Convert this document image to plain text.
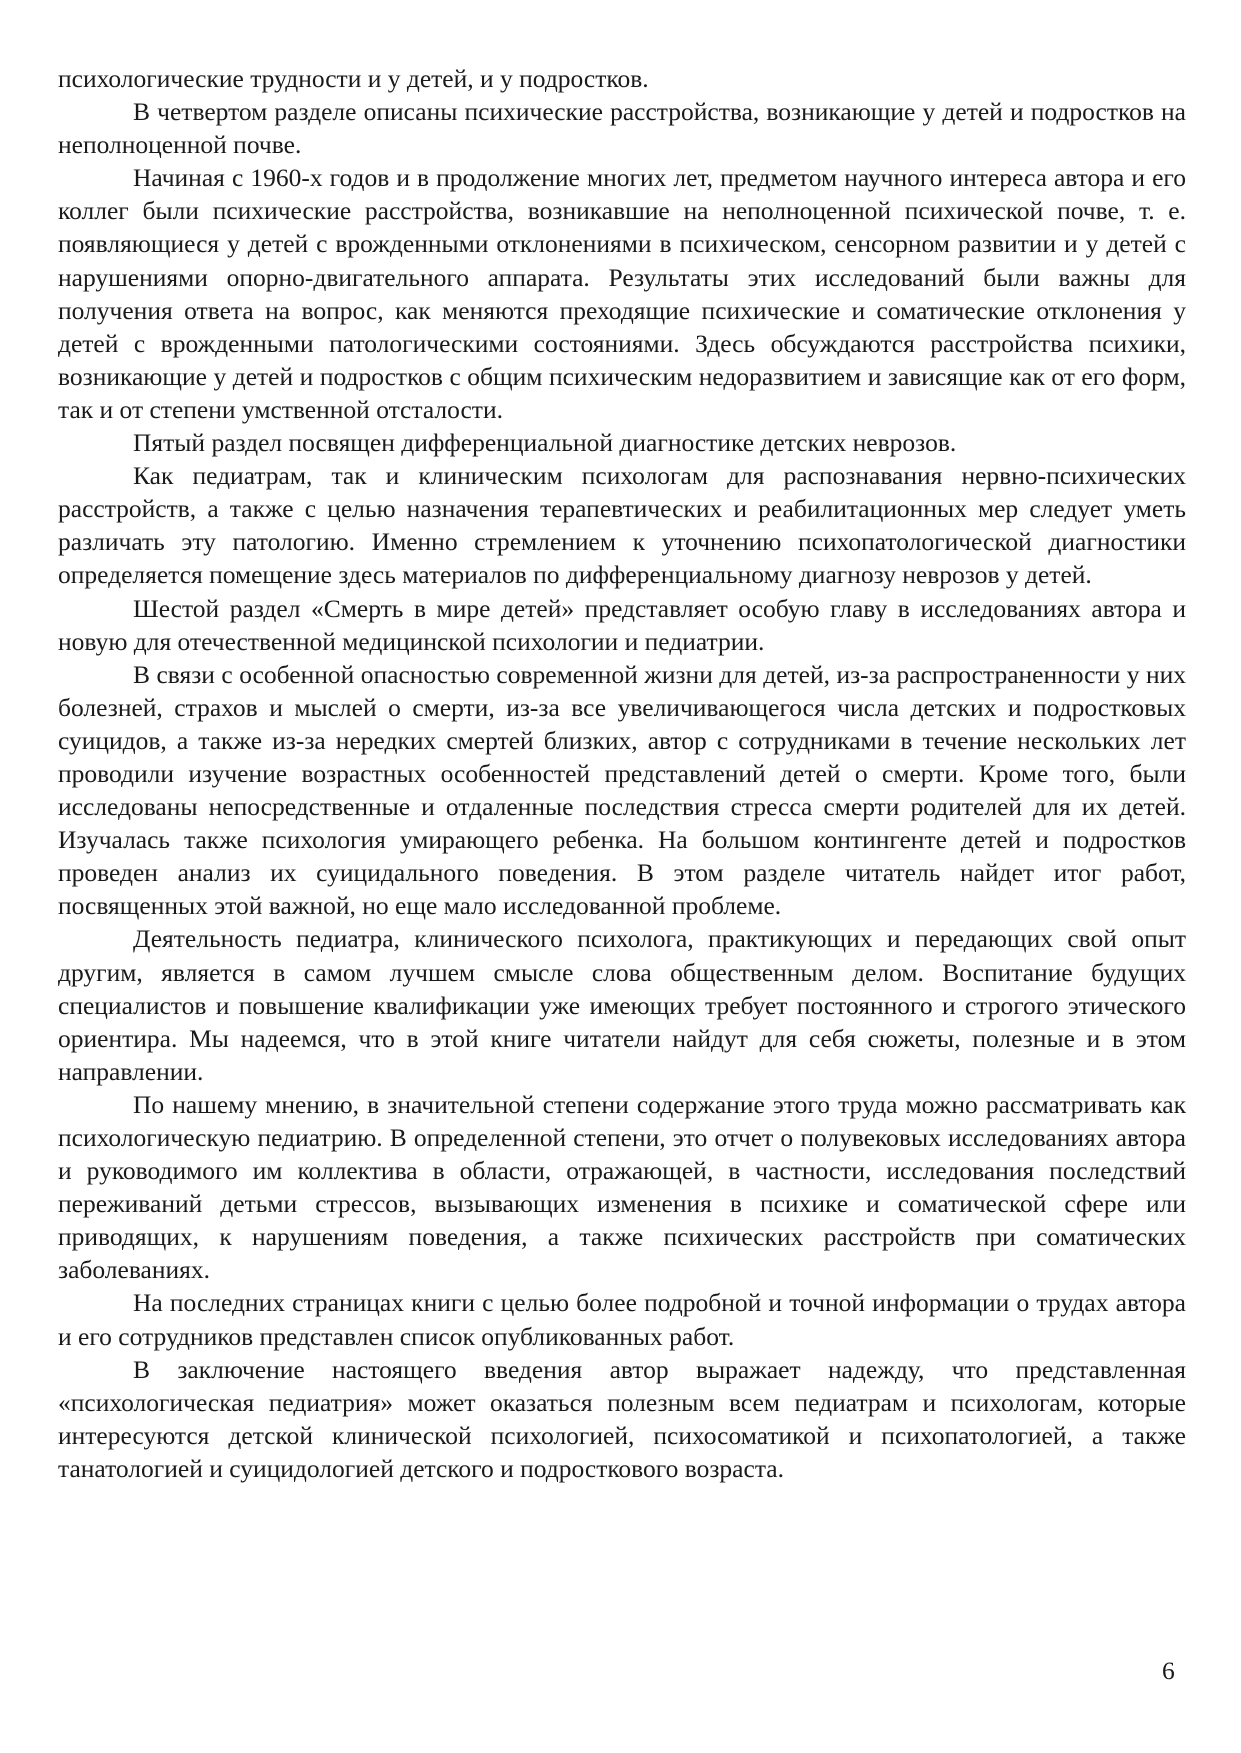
психологические трудности и у детей, и у подростков.

В четвертом разделе описаны психические расстройства, возникающие у детей и подростков на неполноценной почве.

Начиная с 1960-х годов и в продолжение многих лет, предметом научного интереса автора и его коллег были психические расстройства, возникавшие на неполноценной психической почве, т. е. появляющиеся у детей с врожденными отклонениями в психическом, сенсорном развитии и у детей с нарушениями опорно-двигательного аппарата. Результаты этих исследований были важны для получения ответа на вопрос, как меняются преходящие психические и соматические отклонения у детей с врожденными патологическими состояниями. Здесь обсуждаются расстройства психики, возникающие у детей и подростков с общим психическим недоразвитием и зависящие как от его форм, так и от степени умственной отсталости.

Пятый раздел посвящен дифференциальной диагностике детских неврозов.

Как педиатрам, так и клиническим психологам для распознавания нервно-психических расстройств, а также с целью назначения терапевтических и реабилитационных мер следует уметь различать эту патологию. Именно стремлением к уточнению психопатологической диагностики определяется помещение здесь материалов по дифференциальному диагнозу неврозов у детей.

Шестой раздел «Смерть в мире детей» представляет особую главу в исследованиях автора и новую для отечественной медицинской психологии и педиатрии.

В связи с особенной опасностью современной жизни для детей, из-за распространенности у них болезней, страхов и мыслей о смерти, из-за все увеличивающегося числа детских и подростковых суицидов, а также из-за нередких смертей близких, автор с сотрудниками в течение нескольких лет проводили изучение возрастных особенностей представлений детей о смерти. Кроме того, были исследованы непосредственные и отдаленные последствия стресса смерти родителей для их детей. Изучалась также психология умирающего ребенка. На большом контингенте детей и подростков проведен анализ их суицидального поведения. В этом разделе читатель найдет итог работ, посвященных этой важной, но еще мало исследованной проблеме.

Деятельность педиатра, клинического психолога, практикующих и передающих свой опыт другим, является в самом лучшем смысле слова общественным делом. Воспитание будущих специалистов и повышение квалификации уже имеющих требует постоянного и строгого этического ориентира. Мы надеемся, что в этой книге читатели найдут для себя сюжеты, полезные и в этом направлении.

По нашему мнению, в значительной степени содержание этого труда можно рассматривать как психологическую педиатрию. В определенной степени, это отчет о полувековых исследованиях автора и руководимого им коллектива в области, отражающей, в частности, исследования последствий переживаний детьми стрессов, вызывающих изменения в психике и соматической сфере или приводящих, к нарушениям поведения, а также психических расстройств при соматических заболеваниях.

На последних страницах книги с целью более подробной и точной информации о трудах автора и его сотрудников представлен список опубликованных работ.

В заключение настоящего введения автор выражает надежду, что представленная «психологическая педиатрия» может оказаться полезным всем педиатрам и психологам, которые интересуются детской клинической психологией, психосоматикой и психопатологией, а также танатологией и суицидологией детского и подросткового возраста.

6
